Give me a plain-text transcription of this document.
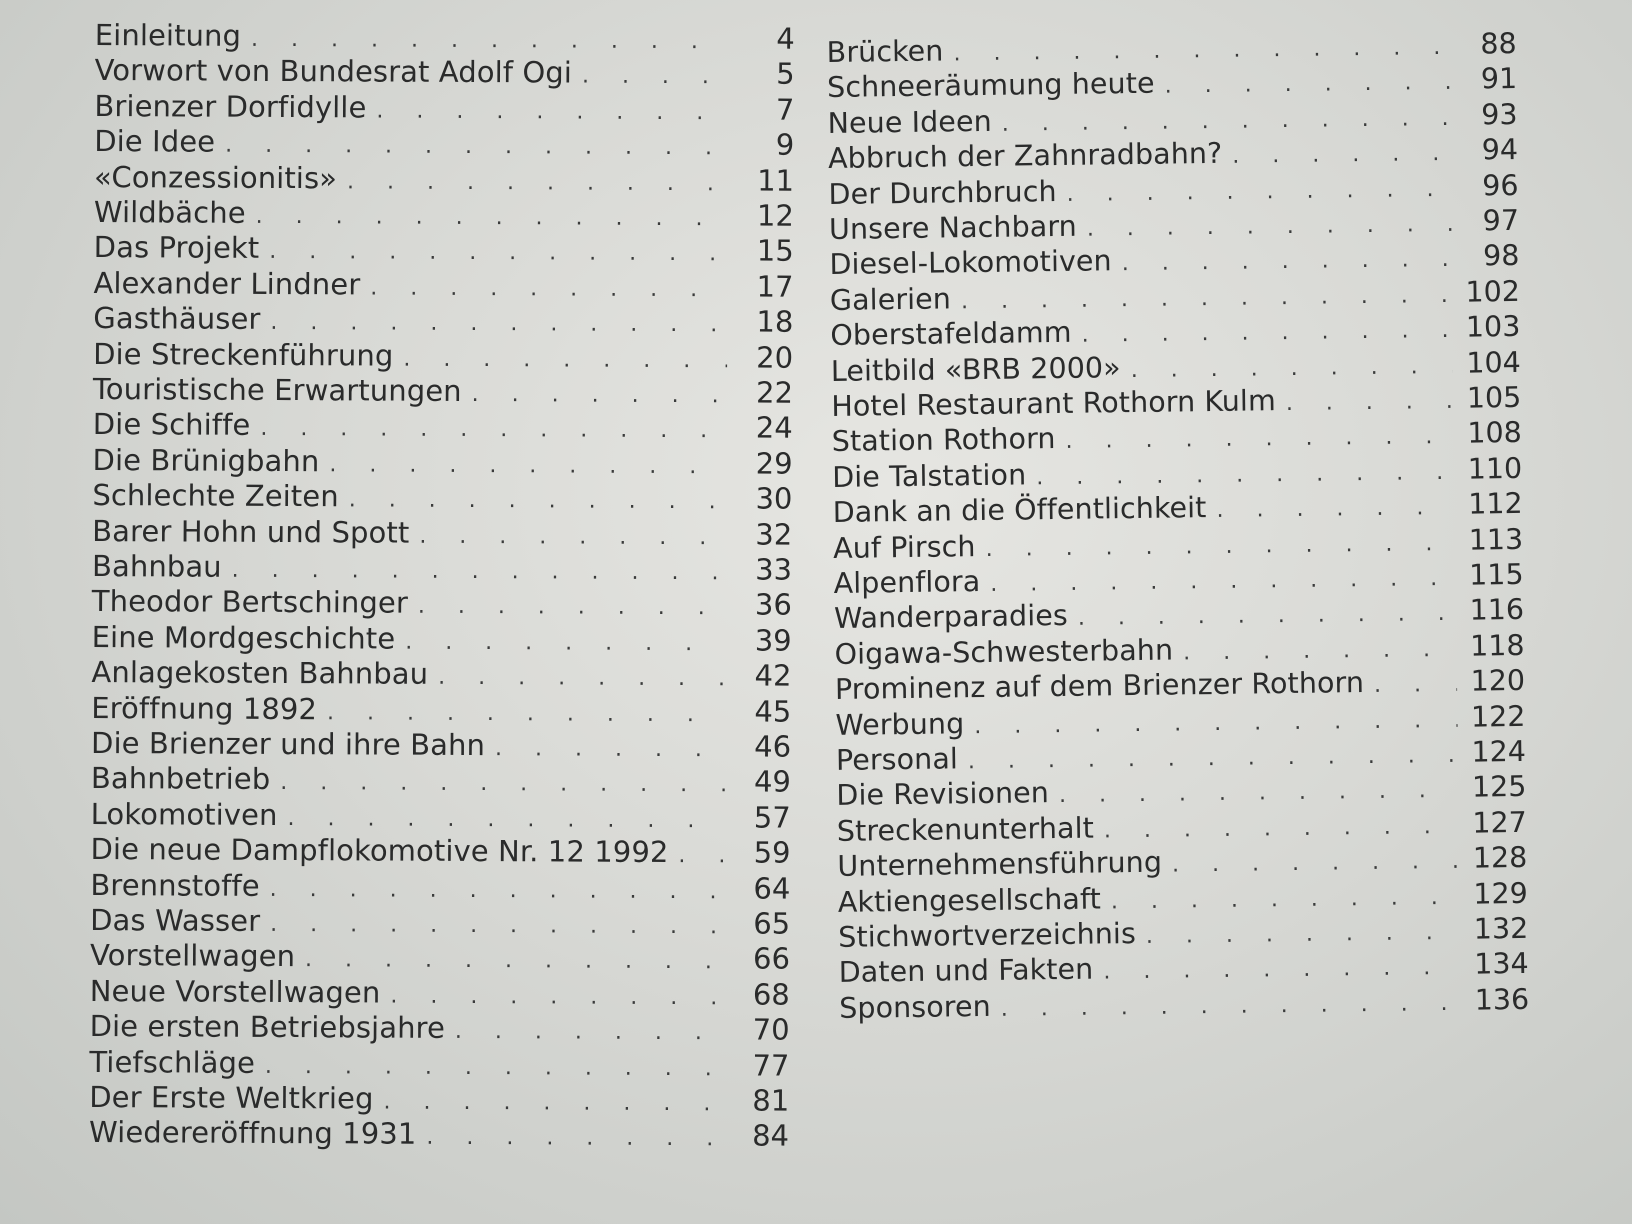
Einleitung . . .	4
Vorwort von Bundesrat Adolf Ogi . . .	5
Brienzer Dorfidylle . . .	7
Die Idee . . .	9
«Conzessionitis» . . .	11
Wildbäche . . .	12
Das Projekt . . .	15
Alexander Lindner . . .	17
Gasthäuser . . .	18
Die Streckenführung . . .	20
Touristische Erwartungen . . .	22
Die Schiffe . . .	24
Die Brünigbahn . . .	29
Schlechte Zeiten . . .	30
Barer Hohn und Spott . . .	32
Bahnbau . . .	33
Theodor Bertschinger . . .	36
Eine Mordgeschichte . . .	39
Anlagekosten Bahnbau . . .	42
Eröffnung 1892 . . .	45
Die Brienzer und ihre Bahn . . .	46
Bahnbetrieb . . .	49
Lokomotiven . . .	57
Die neue Dampflokomotive Nr. 12 1992 . . .	59
Brennstoffe . . .	64
Das Wasser . . .	65
Vorstellwagen . . .	66
Neue Vorstellwagen . . .	68
Die ersten Betriebsjahre . . .	70
Tiefschläge . . .	77
Der Erste Weltkrieg . . .	81
Wiedereröffnung 1931 . . .	84
Brücken . . .	88
Schneeräumung heute . . .	91
Neue Ideen . . .	93
Abbruch der Zahnradbahn? . . .	94
Der Durchbruch . . .	96
Unsere Nachbarn . . .	97
Diesel-Lokomotiven . . .	98
Galerien . . .	102
Oberstafeldamm . . .	103
Leitbild «BRB 2000» . . .	104
Hotel Restaurant Rothorn Kulm . . .	105
Station Rothorn . . .	108
Die Talstation . . .	110
Dank an die Öffentlichkeit . . .	112
Auf Pirsch . . .	113
Alpenflora . . .	115
Wanderparadies . . .	116
Oigawa-Schwesterbahn . . .	118
Prominenz auf dem Brienzer Rothorn . . .	120
Werbung . . .	122
Personal . . .	124
Die Revisionen . . .	125
Streckenunterhalt . . .	127
Unternehmensführung . . .	128
Aktiengesellschaft . . .	129
Stichwortverzeichnis . . .	132
Daten und Fakten . . .	134
Sponsoren . . .	136
